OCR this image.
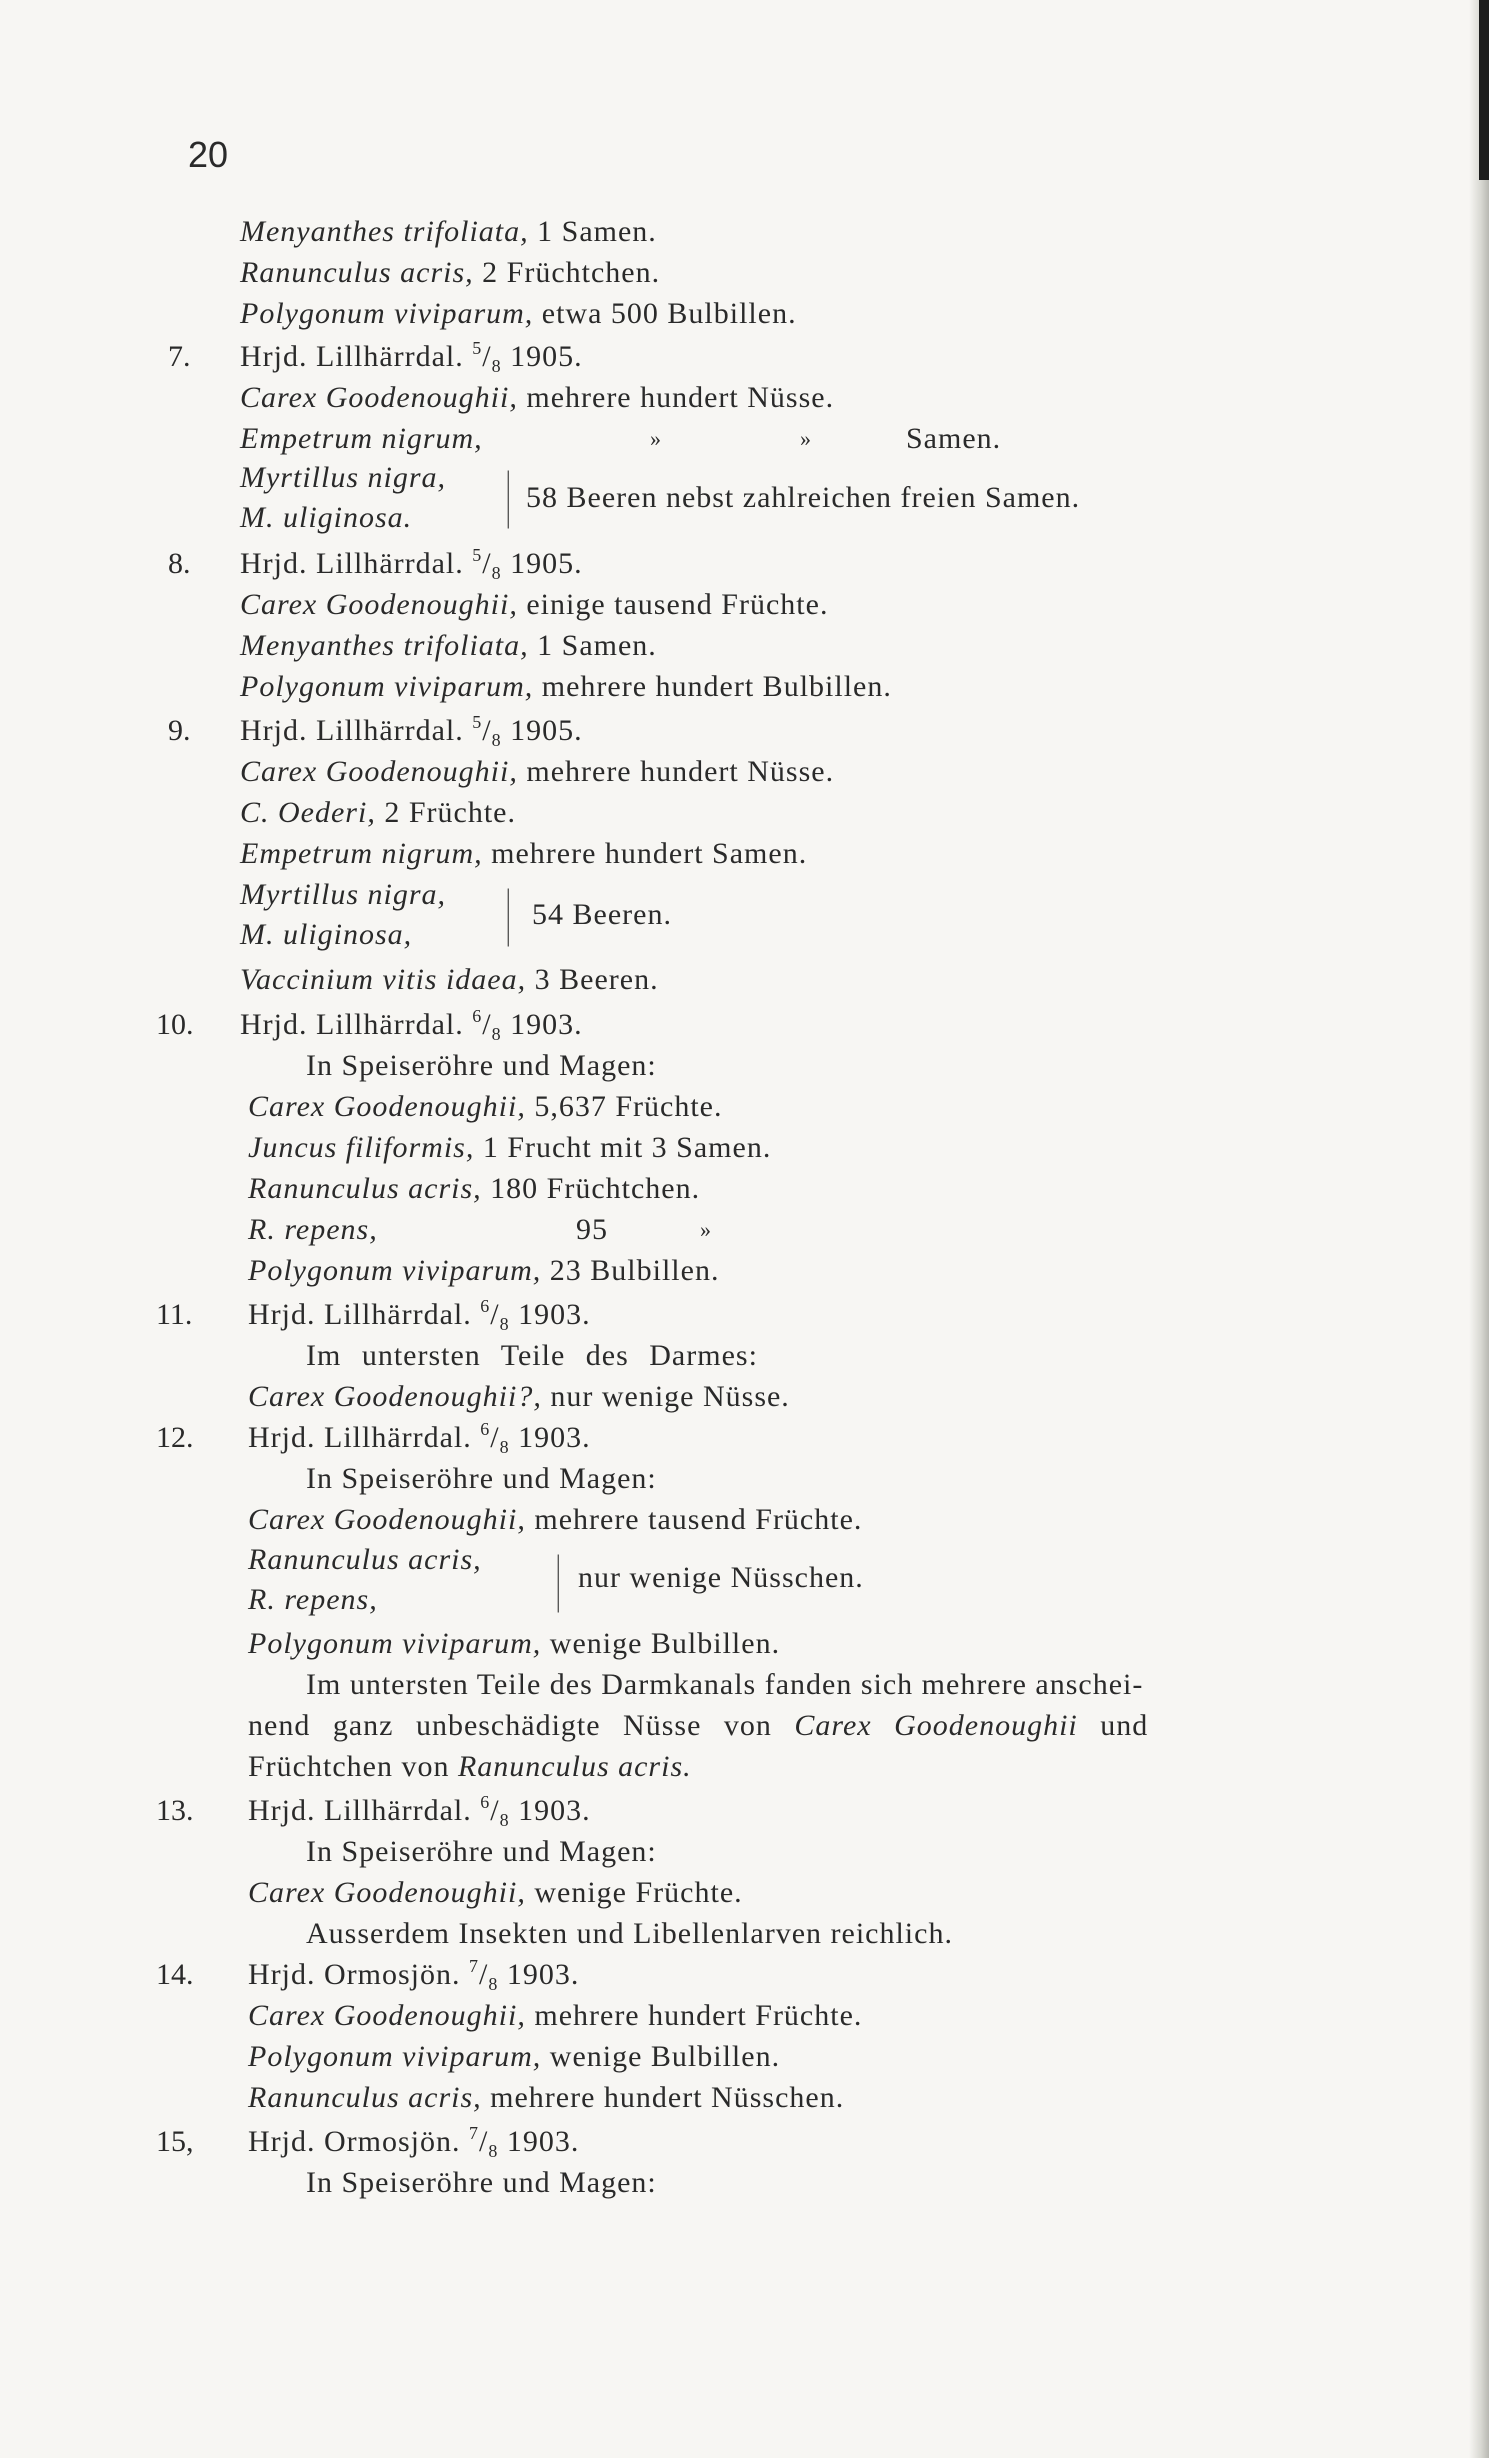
20
Menyanthes trifoliata, 1 Samen.
Ranunculus acris, 2 Früchtchen.
Polygonum viviparum, etwa 500 Bulbillen.
7. Hrjd. Lillhärrdal. $^5/_8$ 1905.
Carex Goodenoughii, mehrere hundert Nüsse.
Empetrum nigrum,	»	»	Samen.
Myrtillus nigra,
M. uliginosa. | 58 Beeren nebst zahlreichen freien Samen.
8. Hrjd. Lillhärrdal. $^5/_8$ 1905.
Carex Goodenoughii, einige tausend Früchte.
Menyanthes trifoliata, 1 Samen.
Polygonum viviparum, mehrere hundert Bulbillen.
9. Hrjd. Lillhärrdal. $^5/_8$ 1905.
Carex Goodenoughii, mehrere hundert Nüsse.
C. Oederi, 2 Früchte.
Empetrum nigrum, mehrere hundert Samen.
Myrtillus nigra,
M. uliginosa, | 54 Beeren.
Vaccinium vitis idaea, 3 Beeren.
10. Hrjd. Lillhärrdal. $^6/_8$ 1903.
In Speiseröhre und Magen:
Carex Goodenoughii, 5,637 Früchte.
Juncus filiformis, 1 Frucht mit 3 Samen.
Ranunculus acris, 180 Früchtchen.
R. repens,	95	»
Polygonum viviparum, 23 Bulbillen.
11. Hrjd. Lillhärrdal. $^6/_8$ 1903.
Im untersten Teile des Darmes:
Carex Goodenoughii?, nur wenige Nüsse.
12. Hrjd. Lillhärrdal. $^6/_8$ 1903.
In Speiseröhre und Magen:
Carex Goodenoughii, mehrere tausend Früchte.
Ranunculus acris,
R. repens,	| nur wenige Nüsschen.
Polygonum viviparum, wenige Bulbillen.
Im untersten Teile des Darmkanals fanden sich mehrere anschei-
nend ganz unbeschädigte Nüsse von Carex Goodenoughii und
Früchtchen von Ranunculus acris.
13. Hrjd. Lillhärrdal. $^6/_8$ 1903.
In Speiseröhre und Magen:
Carex Goodenoughii, wenige Früchte.
Ausserdem Insekten und Libellenlarven reichlich.
14. Hrjd. Ormosjön. $^7/_8$ 1903.
Carex Goodenoughii, mehrere hundert Früchte.
Polygonum viviparum, wenige Bulbillen.
Ranunculus acris, mehrere hundert Nüsschen.
15, Hrjd. Ormosjön. $^7/_8$ 1903.
In Speiseröhre und Magen:
